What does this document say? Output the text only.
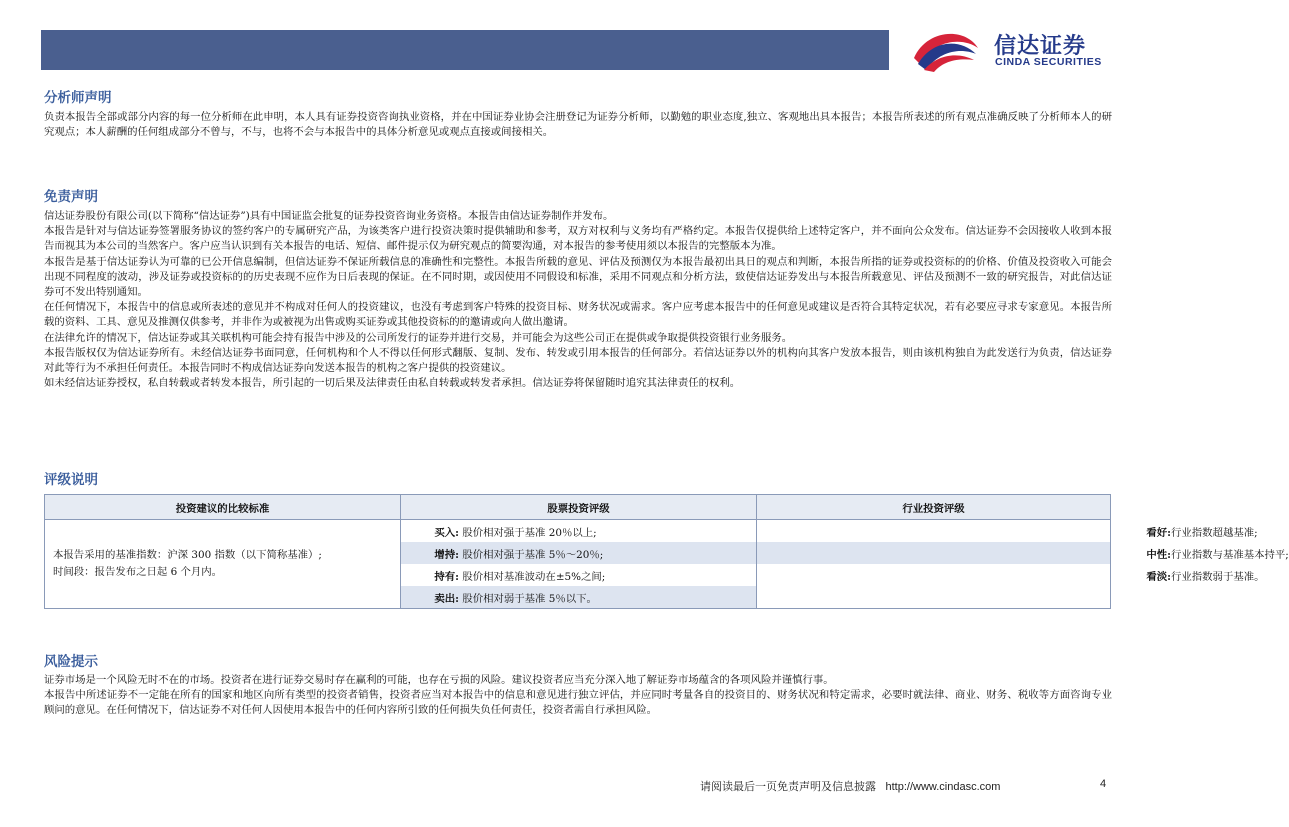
信达证券
CINDA SECURITIES
分析师声明

负责本报告全部或部分内容的每一位分析师在此申明，本人具有证券投资咨询执业资格，并在中国证券业协会注册登记为证券分析师，以勤勉的职业态度,独立、客观地出具本报告；本报告所表述的所有观点准确反映了分析师本人的研究观点；本人薪酬的任何组成部分不曾与，不与，也将不会与本报告中的具体分析意见或观点直接或间接相关。

免责声明

信达证券股份有限公司(以下简称“信达证券”)具有中国证监会批复的证券投资咨询业务资格。本报告由信达证券制作并发布。

本报告是针对与信达证券签署服务协议的签约客户的专属研究产品，为该类客户进行投资决策时提供辅助和参考，双方对权利与义务均有严格约定。本报告仅提供给上述特定客户，并不面向公众发布。信达证券不会因接收人收到本报告而视其为本公司的当然客户。客户应当认识到有关本报告的电话、短信、邮件提示仅为研究观点的简要沟通，对本报告的参考使用须以本报告的完整版本为准。

本报告是基于信达证券认为可靠的已公开信息编制，但信达证券不保证所载信息的准确性和完整性。本报告所载的意见、评估及预测仅为本报告最初出具日的观点和判断，本报告所指的证券或投资标的的价格、价值及投资收入可能会出现不同程度的波动，涉及证券或投资标的的历史表现不应作为日后表现的保证。在不同时期，或因使用不同假设和标准，采用不同观点和分析方法，致使信达证券发出与本报告所载意见、评估及预测不一致的研究报告，对此信达证券可不发出特别通知。

在任何情况下，本报告中的信息或所表述的意见并不构成对任何人的投资建议，也没有考虑到客户特殊的投资目标、财务状况或需求。客户应考虑本报告中的任何意见或建议是否符合其特定状况，若有必要应寻求专家意见。本报告所载的资料、工具、意见及推测仅供参考，并非作为或被视为出售或购买证券或其他投资标的的邀请或向人做出邀请。

在法律允许的情况下，信达证券或其关联机构可能会持有报告中涉及的公司所发行的证券并进行交易，并可能会为这些公司正在提供或争取提供投资银行业务服务。

本报告版权仅为信达证券所有。未经信达证券书面同意，任何机构和个人不得以任何形式翻版、复制、发布、转发或引用本报告的任何部分。若信达证券以外的机构向其客户发放本报告，则由该机构独自为此发送行为负责，信达证券对此等行为不承担任何责任。本报告同时不构成信达证券向发送本报告的机构之客户提供的投资建议。

如未经信达证券授权，私自转载或者转发本报告，所引起的一切后果及法律责任由私自转载或转发者承担。信达证券将保留随时追究其法律责任的权利。

评级说明
投资建议的比较标准	股票投资评级	行业投资评级
本报告采用的基准指数：沪深 300 指数（以下简称基准）;
时间段：报告发布之日起 6 个月内。	买入: 股价相对强于基准 20％以上;	看好:行业指数超越基准;
	增持: 股价相对强于基准 5％～20％;	中性:行业指数与基准基本持平;
	持有: 股价相对基准波动在±5%之间;	看淡:行业指数弱于基准。
	卖出: 股价相对弱于基准 5％以下。	
风险提示

证券市场是一个风险无时不在的市场。投资者在进行证券交易时存在赢利的可能，也存在亏损的风险。建议投资者应当充分深入地了解证券市场蕴含的各项风险并谨慎行事。

本报告中所述证券不一定能在所有的国家和地区向所有类型的投资者销售，投资者应当对本报告中的信息和意见进行独立评估，并应同时考量各自的投资目的、财务状况和特定需求，必要时就法律、商业、财务、税收等方面咨询专业顾问的意见。在任何情况下，信达证券不对任何人因使用本报告中的任何内容所引致的任何损失负任何责任，投资者需自行承担风险。

请阅读最后一页免责声明及信息披露 http://www.cindasc.com	4
